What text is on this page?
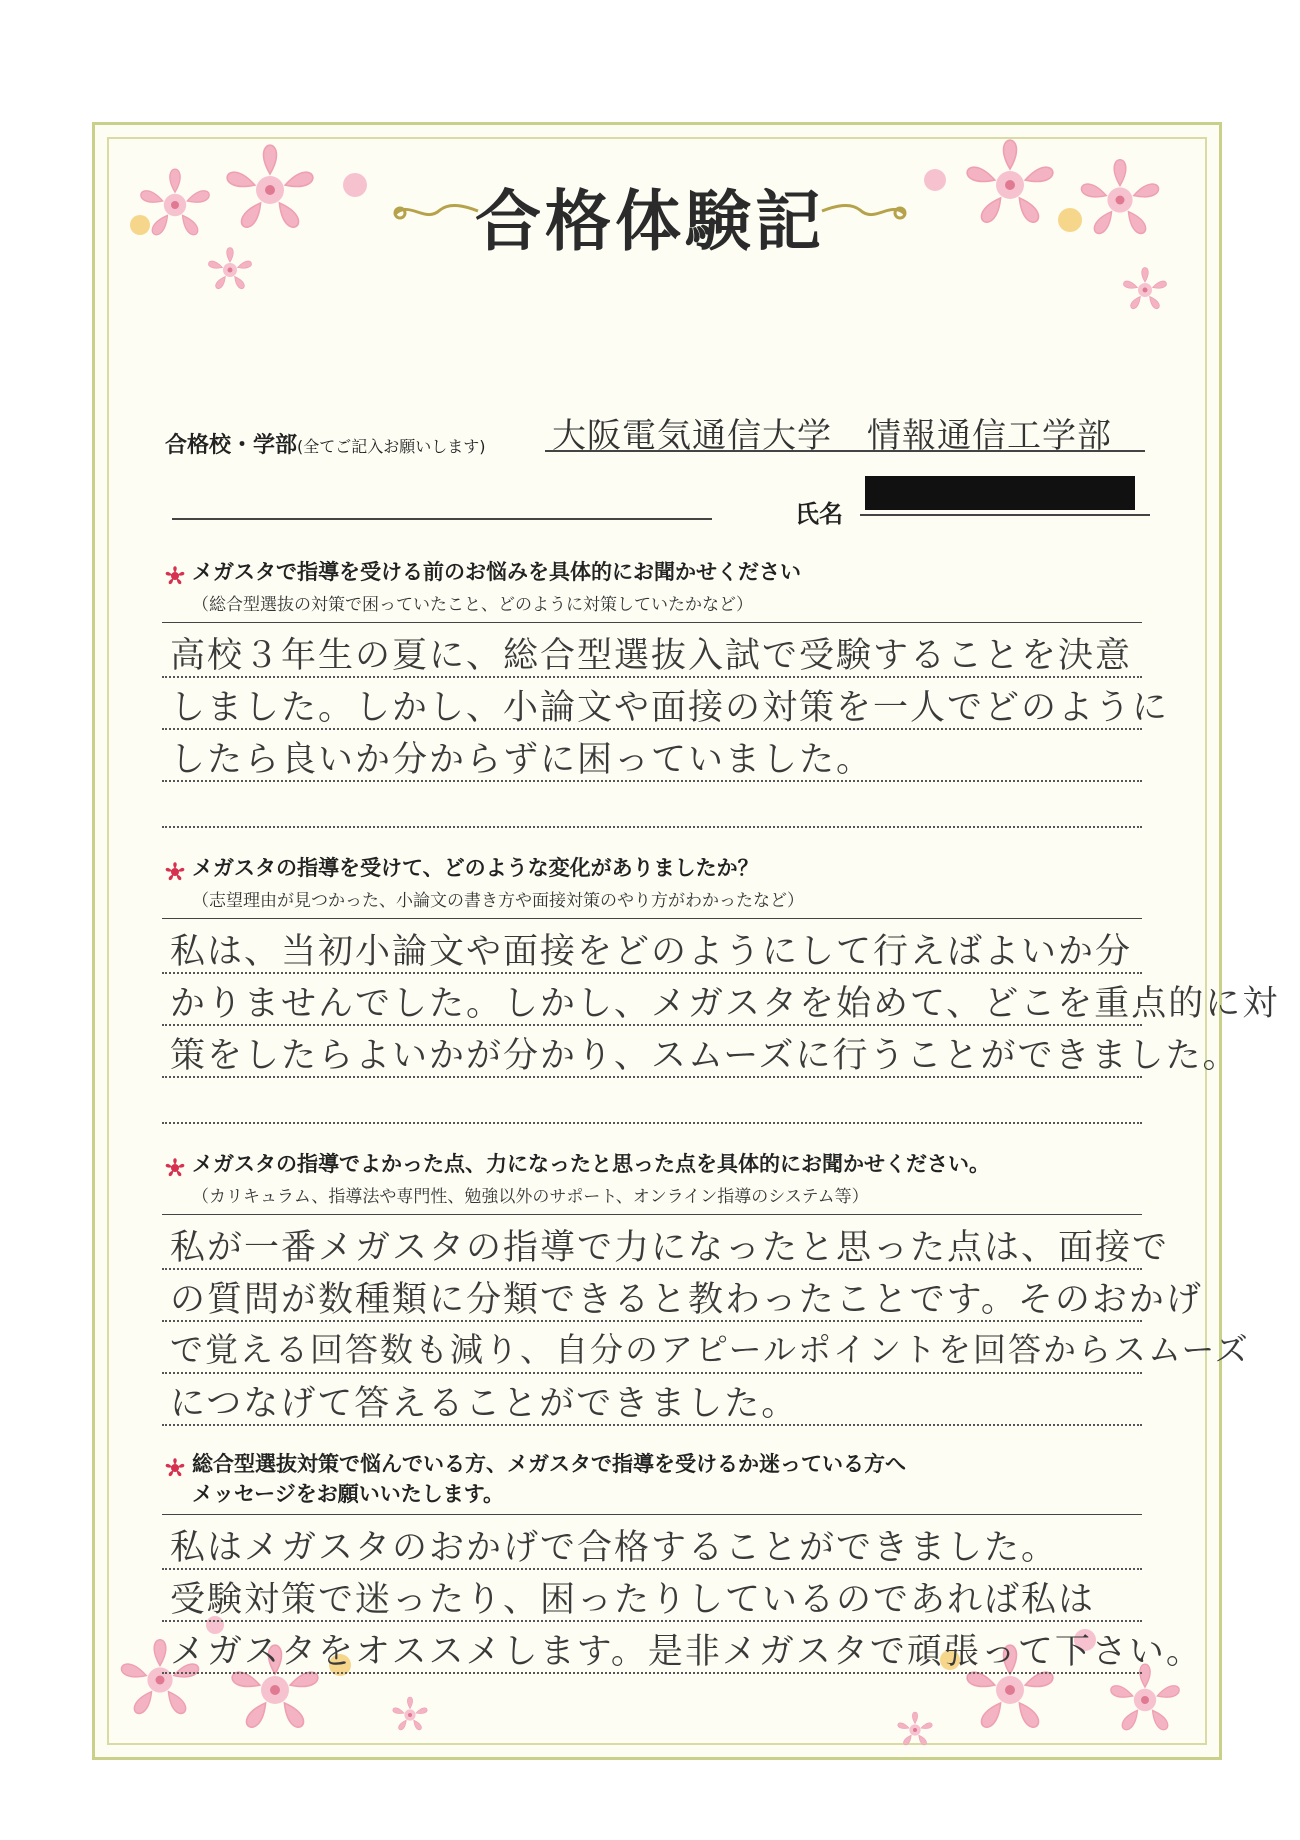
合格体験記
合格校・学部(全てご記入お願いします) 大阪電気通信大学　情報通信工学部
氏名
メガスタで指導を受ける前のお悩みを具体的にお聞かせください
（総合型選抜の対策で困っていたこと、どのように対策していたかなど）
高校３年生の夏に、総合型選抜入試で受験することを決意
しました。しかし、小論文や面接の対策を一人でどのように
したら良いか分からずに困っていました。
メガスタの指導を受けて、どのような変化がありましたか？
（志望理由が見つかった、小論文の書き方や面接対策のやり方がわかったなど）
私は、当初小論文や面接をどのようにして行えばよいか分
かりませんでした。しかし、メガスタを始めて、どこを重点的に対
策をしたらよいかが分かり、スムーズに行うことができました。
メガスタの指導でよかった点、力になったと思った点を具体的にお聞かせください。
（カリキュラム、指導法や専門性、勉強以外のサポート、オンライン指導のシステム等）
私が一番メガスタの指導で力になったと思った点は、面接で
の質問が数種類に分類できると教わったことです。そのおかげ
で覚える回答数も減り、自分のアピールポイントを回答からスムーズ
につなげて答えることができました。
総合型選抜対策で悩んでいる方、メガスタで指導を受けるか迷っている方へ
メッセージをお願いいたします。
私はメガスタのおかげで合格することができました。
受験対策で迷ったり、困ったりしているのであれば私は
メガスタをオススメします。是非メガスタで頑張って下さい。
